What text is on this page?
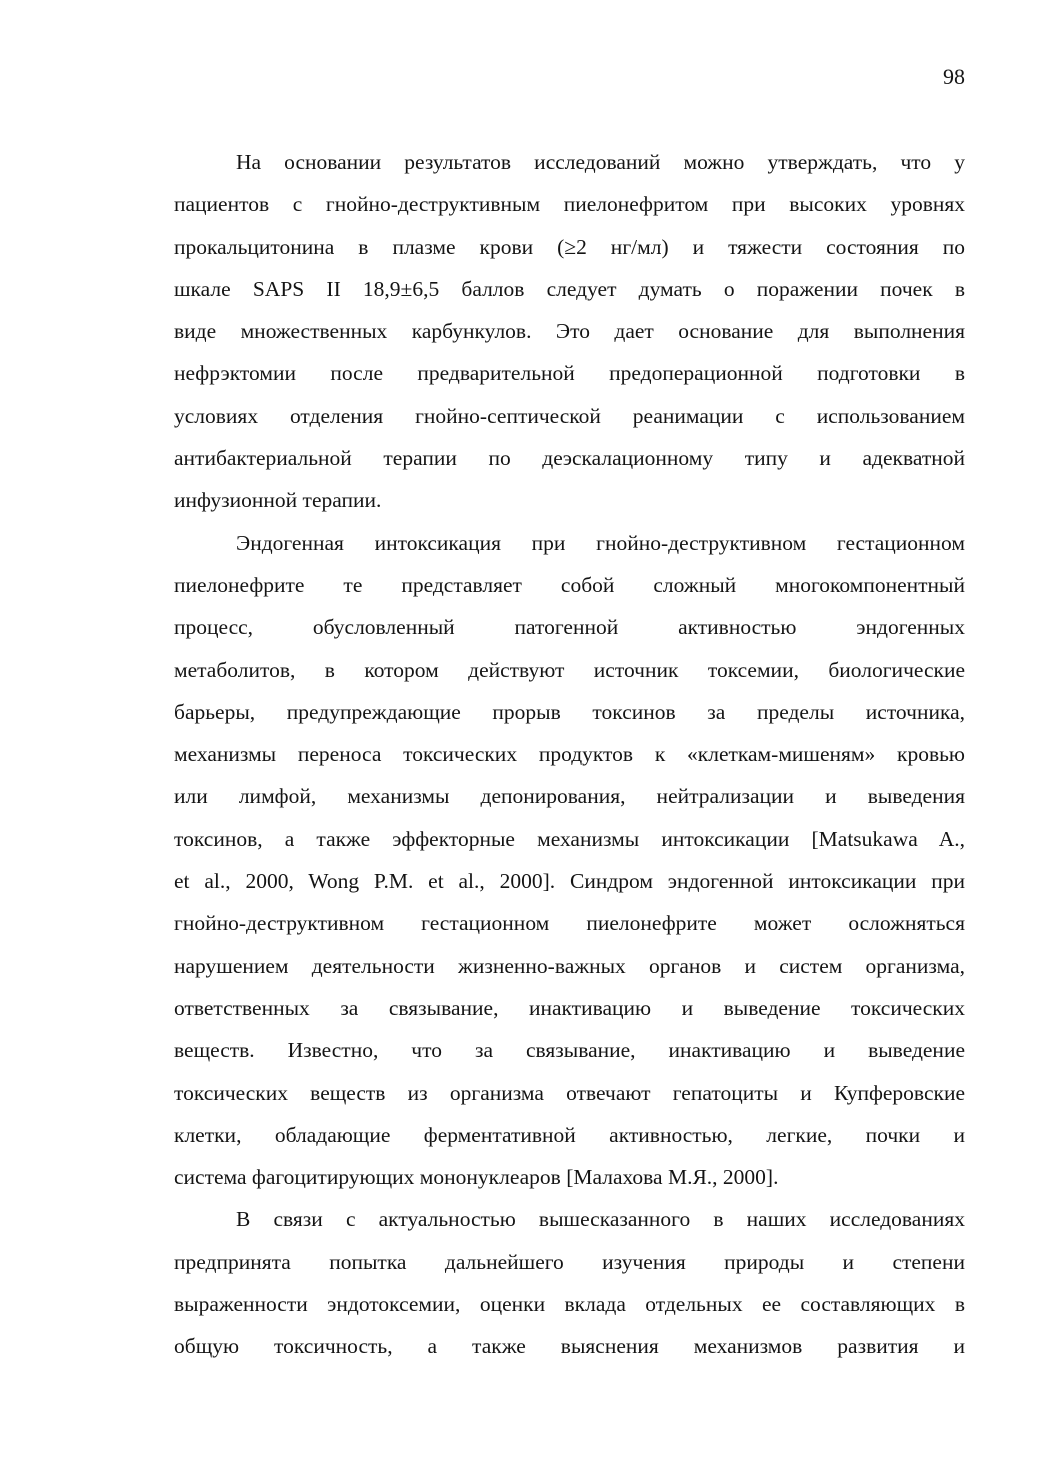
98

На основании результатов исследований можно утверждать, что у
пациентов с гнойно-деструктивным пиелонефритом при высоких уровнях
прокальцитонина в плазме крови (≥2 нг/мл) и тяжести состояния по
шкале SAPS II 18,9±6,5 баллов следует думать о поражении почек в
виде множественных карбункулов. Это дает основание для выполнения
нефрэктомии после предварительной предоперационной подготовки в
условиях отделения гнойно-септической реанимации с использованием
антибактериальной терапии по деэскалационному типу и адекватной
инфузионной терапии.

Эндогенная интоксикация при гнойно-деструктивном гестационном
пиелонефрите те представляет собой сложный многокомпонентный
процесс, обусловленный патогенной активностью эндогенных
метаболитов, в котором действуют источник токсемии, биологические
барьеры, предупреждающие прорыв токсинов за пределы источника,
механизмы переноса токсических продуктов к «клеткам-мишеням» кровью
или лимфой, механизмы депонирования, нейтрализации и выведения
токсинов, а также эффекторные механизмы интоксикации [Matsukawa A.,
et al., 2000, Wong P.M. et al., 2000]. Синдром эндогенной интоксикации при
гнойно-деструктивном гестационном пиелонефрите может осложняться
нарушением деятельности жизненно-важных органов и систем организма,
ответственных за связывание, инактивацию и выведение токсических
веществ. Известно, что за связывание, инактивацию и выведение
токсических веществ из организма отвечают гепатоциты и Купферовские
клетки, обладающие ферментативной активностью, легкие, почки и
система фагоцитирующих мононуклеаров [Малахова М.Я., 2000].

В связи с актуальностью вышесказанного в наших исследованиях
предпринята попытка дальнейшего изучения природы и степени
выраженности эндотоксемии, оценки вклада отдельных ее составляющих в
общую токсичность, а также выяснения механизмов развития и
